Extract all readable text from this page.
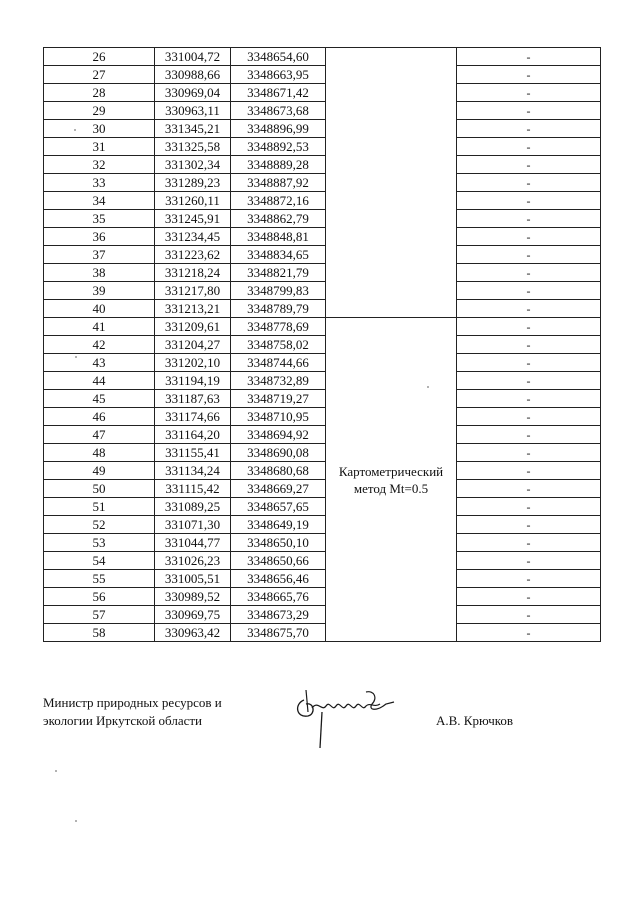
26	331004,72	3348654,60		-
27	330988,66	3348663,95		-
28	330969,04	3348671,42		-
29	330963,11	3348673,68		-
30	331345,21	3348896,99		-
31	331325,58	3348892,53		-
32	331302,34	3348889,28		-
33	331289,23	3348887,92		-
34	331260,11	3348872,16		-
35	331245,91	3348862,79		-
36	331234,45	3348848,81		-
37	331223,62	3348834,65		-
38	331218,24	3348821,79		-
39	331217,80	3348799,83		-
40	331213,21	3348789,79		-
41	331209,61	3348778,69	Картометрический
метод Mt=0.5	-
42	331204,27	3348758,02		-
43	331202,10	3348744,66		-
44	331194,19	3348732,89		-
45	331187,63	3348719,27		-
46	331174,66	3348710,95		-
47	331164,20	3348694,92		-
48	331155,41	3348690,08		-
49	331134,24	3348680,68		-
50	331115,42	3348669,27		-
51	331089,25	3348657,65		-
52	331071,30	3348649,19		-
53	331044,77	3348650,10		-
54	331026,23	3348650,66		-
55	331005,51	3348656,46		-
56	330989,52	3348665,76		-
57	330969,75	3348673,29		-
58	330963,42	3348675,70		-
Министр природных ресурсов и
экологии Иркутской области	А.В. Крючков
